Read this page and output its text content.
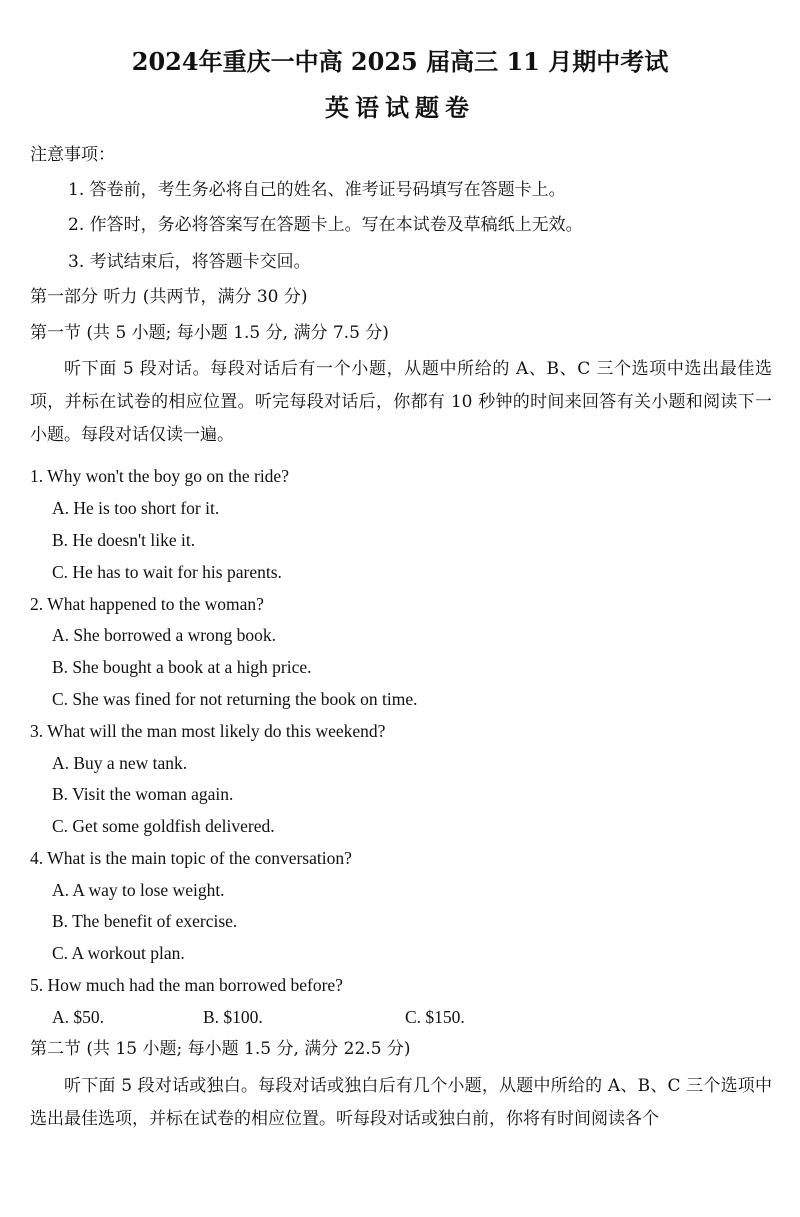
2024年重庆一中高 2025 届高三 11 月期中考试
英语试题卷
注意事项：
1. 答卷前，考生务必将自己的姓名、准考证号码填写在答题卡上。
2. 作答时，务必将答案写在答题卡上。写在本试卷及草稿纸上无效。
3. 考试结束后，将答题卡交回。
第一部分 听力 (共两节，满分 30 分)
第一节 (共 5 小题; 每小题 1.5 分, 满分 7.5 分)
听下面 5 段对话。每段对话后有一个小题，从题中所给的 A、B、C 三个选项中选出最佳选项，并标在试卷的相应位置。听完每段对话后，你都有 10 秒钟的时间来回答有关小题和阅读下一小题。每段对话仅读一遍。
1. Why won't the boy go on the ride?
A. He is too short for it.
B. He doesn't like it.
C. He has to wait for his parents.
2. What happened to the woman?
A. She borrowed a wrong book.
B. She bought a book at a high price.
C. She was fined for not returning the book on time.
3. What will the man most likely do this weekend?
A. Buy a new tank.
B. Visit the woman again.
C. Get some goldfish delivered.
4. What is the main topic of the conversation?
A. A way to lose weight.
B. The benefit of exercise.
C. A workout plan.
5. How much had the man borrowed before?
A. $50.	B. $100.	C. $150.
第二节 (共 15 小题; 每小题 1.5 分, 满分 22.5 分)
听下面 5 段对话或独白。每段对话或独白后有几个小题，从题中所给的 A、B、C 三个选项中选出最佳选项，并标在试卷的相应位置。听每段对话或独白前，你将有时间阅读各个
